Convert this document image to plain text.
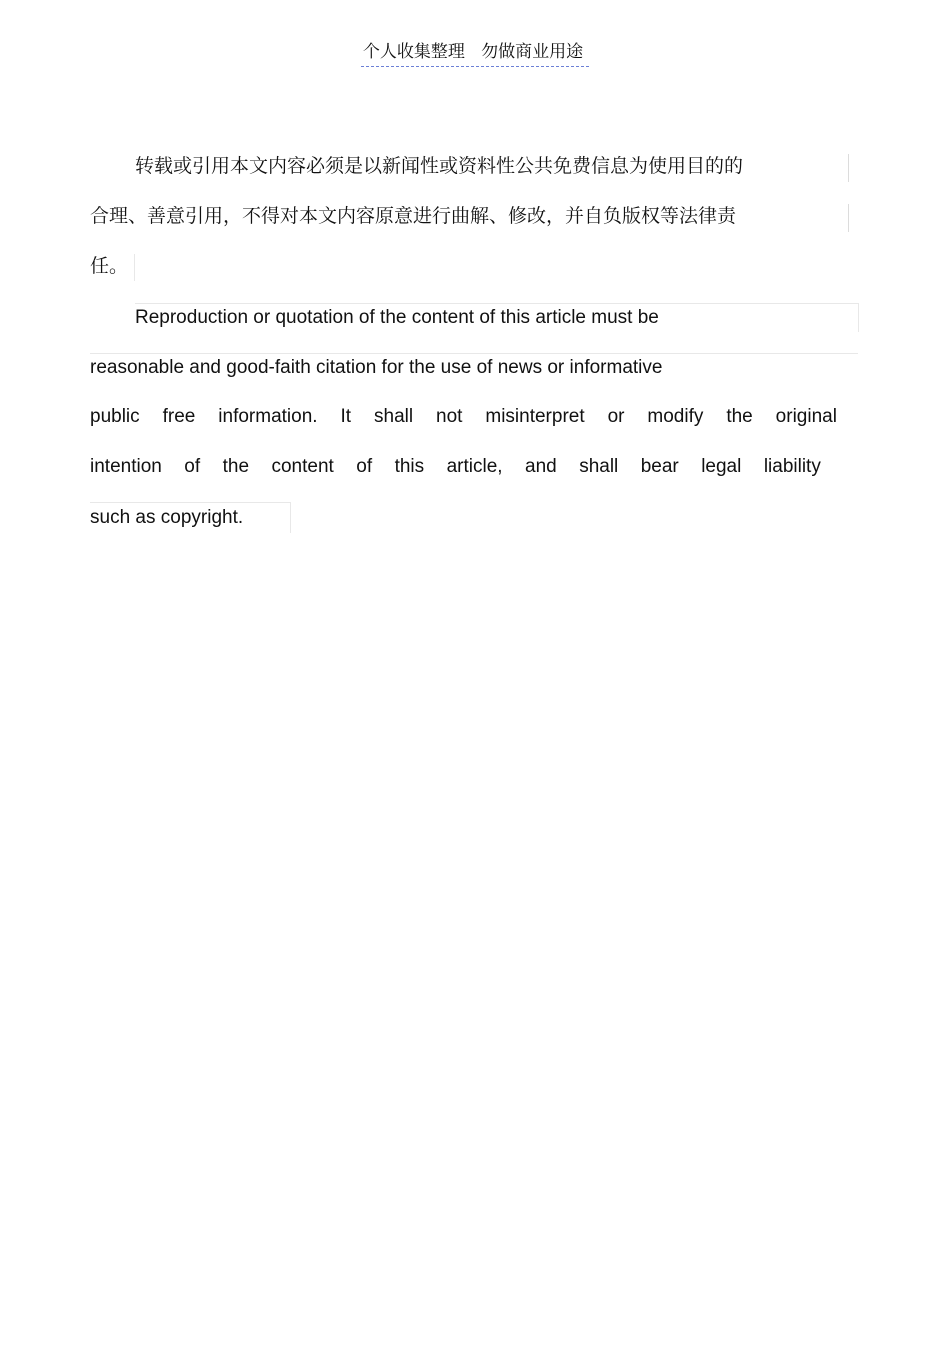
个人收集整理   勿做商业用途
转载或引用本文内容必须是以新闻性或资料性公共免费信息为使用目的的
合理、善意引用，不得对本文内容原意进行曲解、修改，并自负版权等法律责
任。
Reproduction or quotation of the content of this article must be
reasonable and good-faith citation for the use of news or informative
public free information. It shall not misinterpret or modify the original
intention of the content of this article, and shall bear legal liability
such as copyright.
